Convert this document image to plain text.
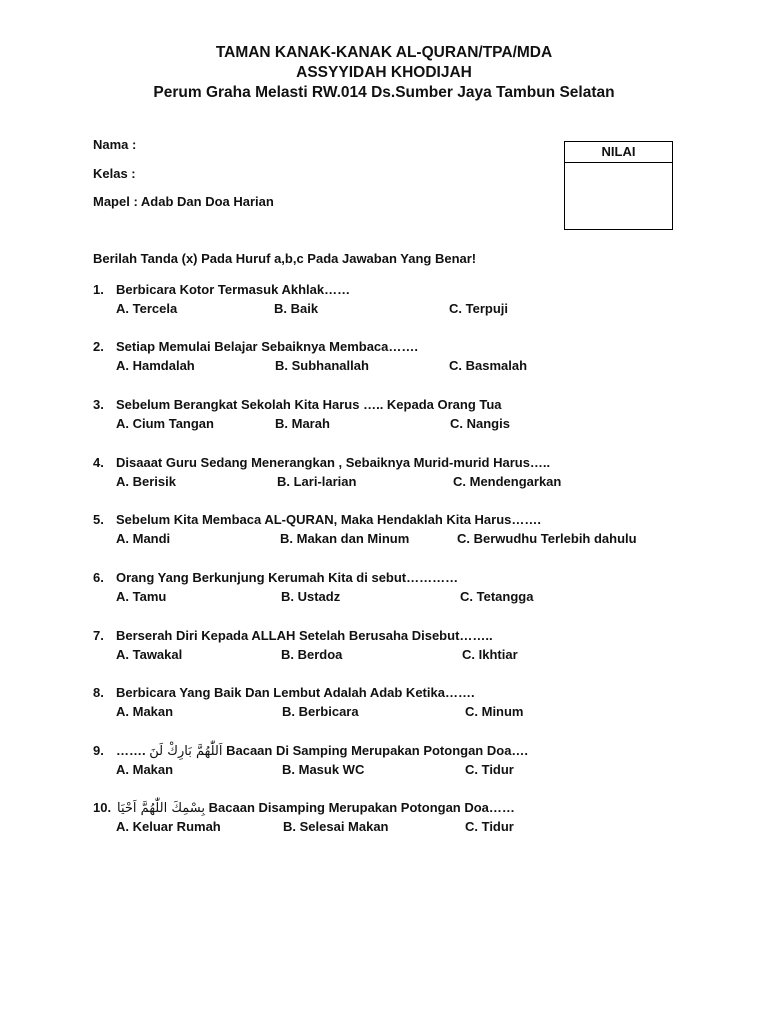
TAMAN KANAK-KANAK AL-QURAN/TPA/MDA
ASSYYIDAH KHODIJAH
Perum Graha Melasti RW.014 Ds.Sumber Jaya Tambun Selatan
Nama :
Kelas :
Mapel : Adab Dan Doa Harian
NILAI
Berilah Tanda (x) Pada Huruf a,b,c Pada Jawaban Yang Benar!
1. Berbicara Kotor Termasuk Akhlak……
A. Tercela	B. Baik	C. Terpuji
2. Setiap Memulai Belajar Sebaiknya Membaca…….
A. Hamdalah	B. Subhanallah	C. Basmalah
3. Sebelum Berangkat Sekolah Kita Harus ….. Kepada Orang Tua
A. Cium Tangan	B. Marah	C. Nangis
4. Disaaat Guru Sedang Menerangkan , Sebaiknya Murid-murid Harus…..
A. Berisik	B. Lari-larian	C. Mendengarkan
5. Sebelum Kita Membaca AL-QURAN, Maka Hendaklah Kita Harus…….
A. Mandi	B. Makan dan Minum	C. Berwudhu Terlebih dahulu
6. Orang Yang Berkunjung Kerumah Kita di sebut…………
A. Tamu	B. Ustadz	C. Tetangga
7. Berserah Diri Kepada ALLAH Setelah Berusaha Disebut……..
A. Tawakal	B. Berdoa	C. Ikhtiar
8. Berbicara Yang Baik Dan Lembut Adalah Adab Ketika…….
A. Makan	B. Berbicara	C. Minum
9. ……. اَللّٰهُمَّ بَارِكْ لَنَ Bacaan Di Samping Merupakan Potongan Doa….
A. Makan	B. Masuk WC	C. Tidur
10. بِسْمِكَ اللّٰهُمَّ اَحْيَا Bacaan Disamping Merupakan Potongan Doa……
A. Keluar Rumah	B. Selesai Makan	C. Tidur
